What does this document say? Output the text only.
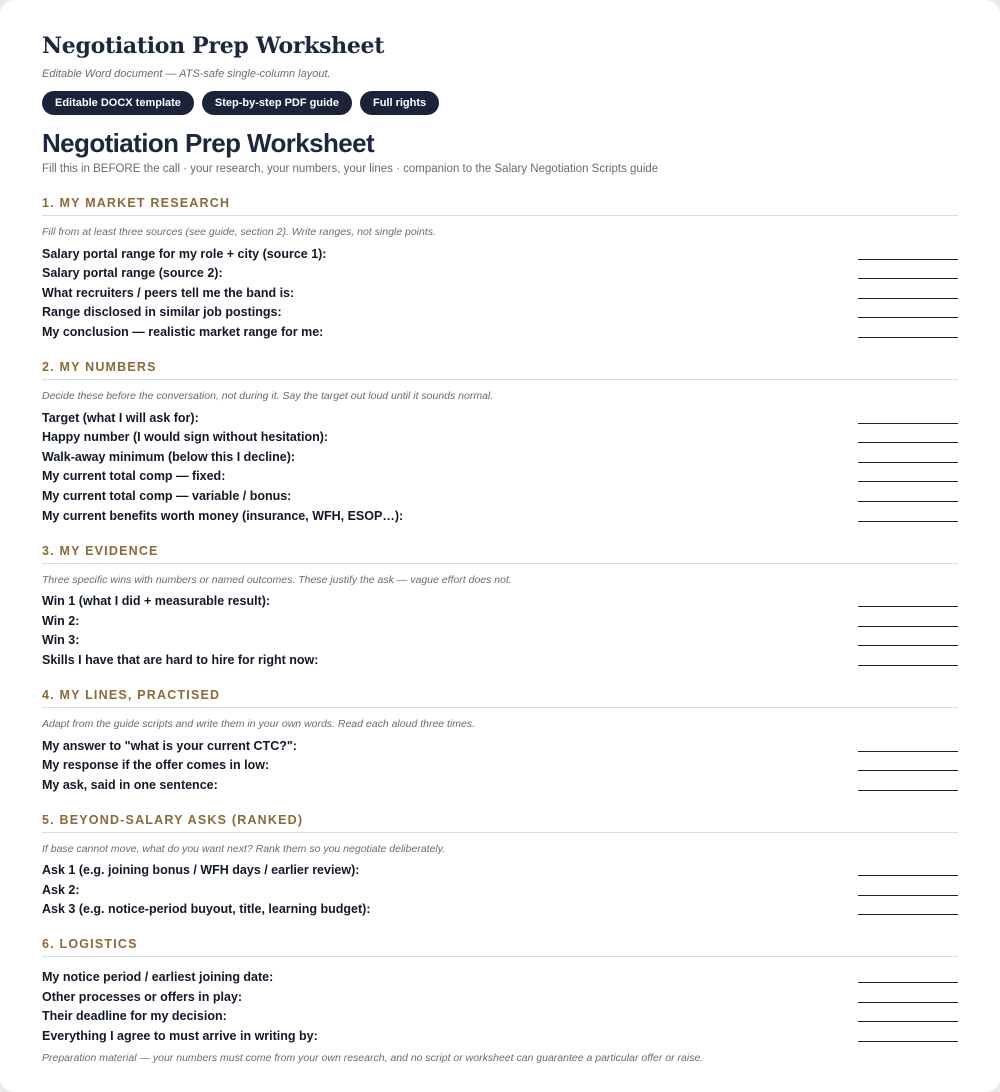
Negotiation Prep Worksheet
Editable Word document — ATS-safe single-column layout.
Editable DOCX template	Step-by-step PDF guide	Full rights
Negotiation Prep Worksheet
Fill this in BEFORE the call · your research, your numbers, your lines · companion to the Salary Negotiation Scripts guide
1. MY MARKET RESEARCH
Fill from at least three sources (see guide, section 2). Write ranges, not single points.
Salary portal range for my role + city (source 1):
Salary portal range (source 2):
What recruiters / peers tell me the band is:
Range disclosed in similar job postings:
My conclusion — realistic market range for me:
2. MY NUMBERS
Decide these before the conversation, not during it. Say the target out loud until it sounds normal.
Target (what I will ask for):
Happy number (I would sign without hesitation):
Walk-away minimum (below this I decline):
My current total comp — fixed:
My current total comp — variable / bonus:
My current benefits worth money (insurance, WFH, ESOP…):
3. MY EVIDENCE
Three specific wins with numbers or named outcomes. These justify the ask — vague effort does not.
Win 1 (what I did + measurable result):
Win 2:
Win 3:
Skills I have that are hard to hire for right now:
4. MY LINES, PRACTISED
Adapt from the guide scripts and write them in your own words. Read each aloud three times.
My answer to "what is your current CTC?":
My response if the offer comes in low:
My ask, said in one sentence:
5. BEYOND-SALARY ASKS (RANKED)
If base cannot move, what do you want next? Rank them so you negotiate deliberately.
Ask 1 (e.g. joining bonus / WFH days / earlier review):
Ask 2:
Ask 3 (e.g. notice-period buyout, title, learning budget):
6. LOGISTICS
My notice period / earliest joining date:
Other processes or offers in play:
Their deadline for my decision:
Everything I agree to must arrive in writing by:
Preparation material — your numbers must come from your own research, and no script or worksheet can guarantee a particular offer or raise.
